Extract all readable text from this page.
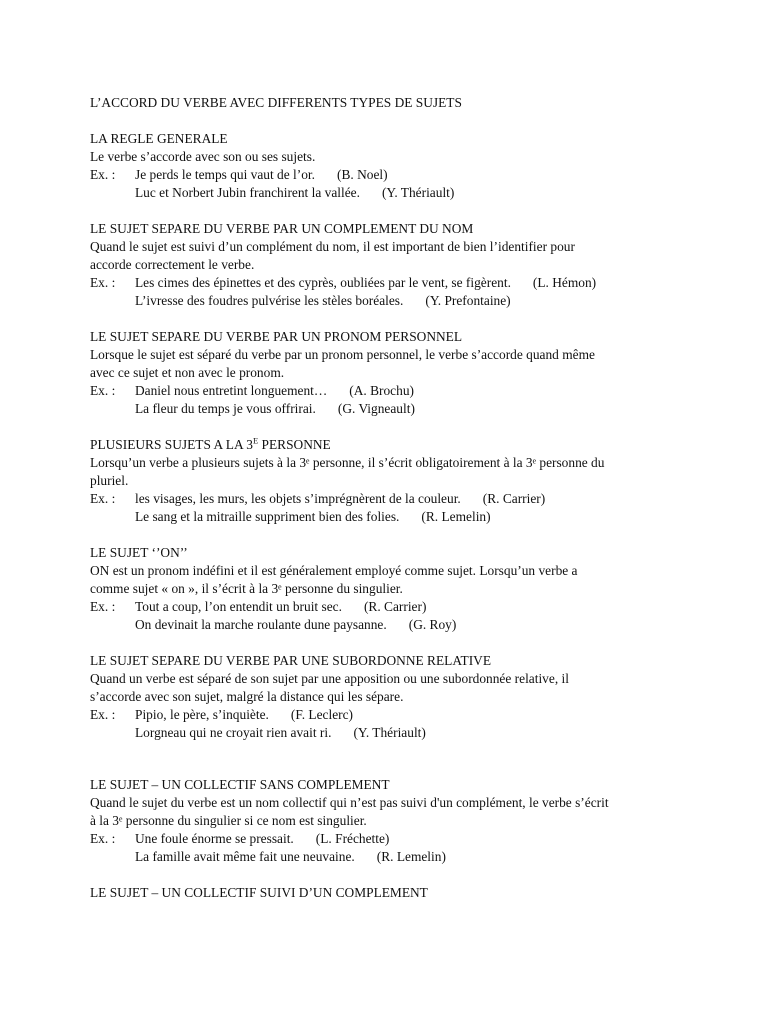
L’ACCORD DU VERBE AVEC DIFFERENTS TYPES DE SUJETS
LA REGLE GENERALE

Le verbe s’accorde avec son ou ses sujets.

Ex. :	Je perds le temps qui vaut de l’or. (B. Noel)
Luc et Norbert Jubin franchirent la vallée. (Y. Thériault)
LE SUJET SEPARE DU VERBE PAR UN COMPLEMENT DU NOM

Quand le sujet est suivi d’un complément du nom, il est important de bien l’identifier pour

accorde correctement le verbe.

Ex. :	Les cimes des épinettes et des cyprès, oubliées par le vent, se figèrent. (L. Hémon)
L’ivresse des foudres pulvérise les stèles boréales. (Y. Prefontaine)
LE SUJET SEPARE DU VERBE PAR UN PRONOM PERSONNEL

Lorsque le sujet est séparé du verbe par un pronom personnel, le verbe s’accorde quand même

avec ce sujet et non avec le pronom.

Ex. :	Daniel nous entretint longuement… (A. Brochu)
La fleur du temps je vous offrirai. (G. Vigneault)
PLUSIEURS SUJETS A LA $3^E$ PERSONNE

Lorsqu’un verbe a plusieurs sujets à la 3ᵉ personne, il s’écrit obligatoirement à la 3ᵉ personne du

pluriel.

Ex. :	les visages, les murs, les objets s’imprégnèrent de la couleur. (R. Carrier)
Le sang et la mitraille suppriment bien des folies. (R. Lemelin)
LE SUJET ‘’ON’’

ON est un pronom indéfini et il est généralement employé comme sujet. Lorsqu’un verbe a

comme sujet « on », il s’écrit à la 3ᵉ personne du singulier.

Ex. :	Tout a coup, l’on entendit un bruit sec. (R. Carrier)
On devinait la marche roulante dune paysanne. (G. Roy)
LE SUJET SEPARE DU VERBE PAR UNE SUBORDONNE RELATIVE

Quand un verbe est séparé de son sujet par une apposition ou une subordonnée relative, il

s’accorde avec son sujet, malgré la distance qui les sépare.

Ex. :	Pipio, le père, s’inquiète. (F. Leclerc)
Lorgneau qui ne croyait rien avait ri. (Y. Thériault)
LE SUJET – UN COLLECTIF SANS COMPLEMENT

Quand le sujet du verbe est un nom collectif qui n’est pas suivi d'un complément, le verbe s’écrit

à la 3ᵉ personne du singulier si ce nom est singulier.

Ex. :	Une foule énorme se pressait. (L. Fréchette)
La famille avait même fait une neuvaine. (R. Lemelin)
LE SUJET – UN COLLECTIF SUIVI D’UN COMPLEMENT
